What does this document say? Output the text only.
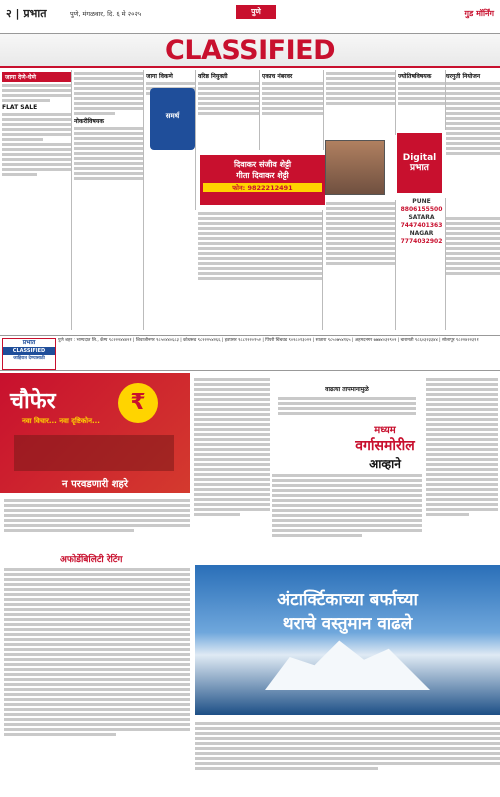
२ | प्रभात	पुणे, मंगळवार, दि. ६ मे २०२५	पुणे	गुड मॉर्निंग
CLASSIFIED
जागा देणे-घेणे
FLAT SALE
नोकरीविषयक
जागा विकणे
समर्थ
वरिष्ठ नियुक्ती	एकाच नंबरवर
दिवाकर संजीव शेट्टी
गीता दिवाकर शेट्टी
फोन: 9822212491
ज्योतिषविषयक
Digital प्रभात
घरगुती नियोजन
PUNE
8806155500
SATARA
7447401363
NAGAR
7774032902
प्रभात
CLASSIFIED
जाहिरात देण्यासाठी
पुणे शहर : भाग्यदात लि., कॅम्प ९८२२२४४४२१ | शिवाजीनगर ९८५०४४०६८३ | कोथरूड ९८२२२५४२६६ | हडपसर ९८८१२२०१५२ | पिंपरी चिंचवड ९०२८०१३०२२ | सातारा ९८५०७५४१६५ | अहमदनगर ७७७४०३२९०२ | बारामती ९८६०३२३३४४ | सोलापूर ९८२२४२२३११
चौफेर
नवा विचार... नवा दृष्टिकोन...
₹
न परवडणारी शहरे
अफोर्डेबिलिटी रेटिंग
वाढत्या तापमानामुळे
मध्यम
वर्गासमोरील
आव्हाने
अंटार्क्टिकाच्या बर्फाच्या
थराचे वस्तुमान वाढले
